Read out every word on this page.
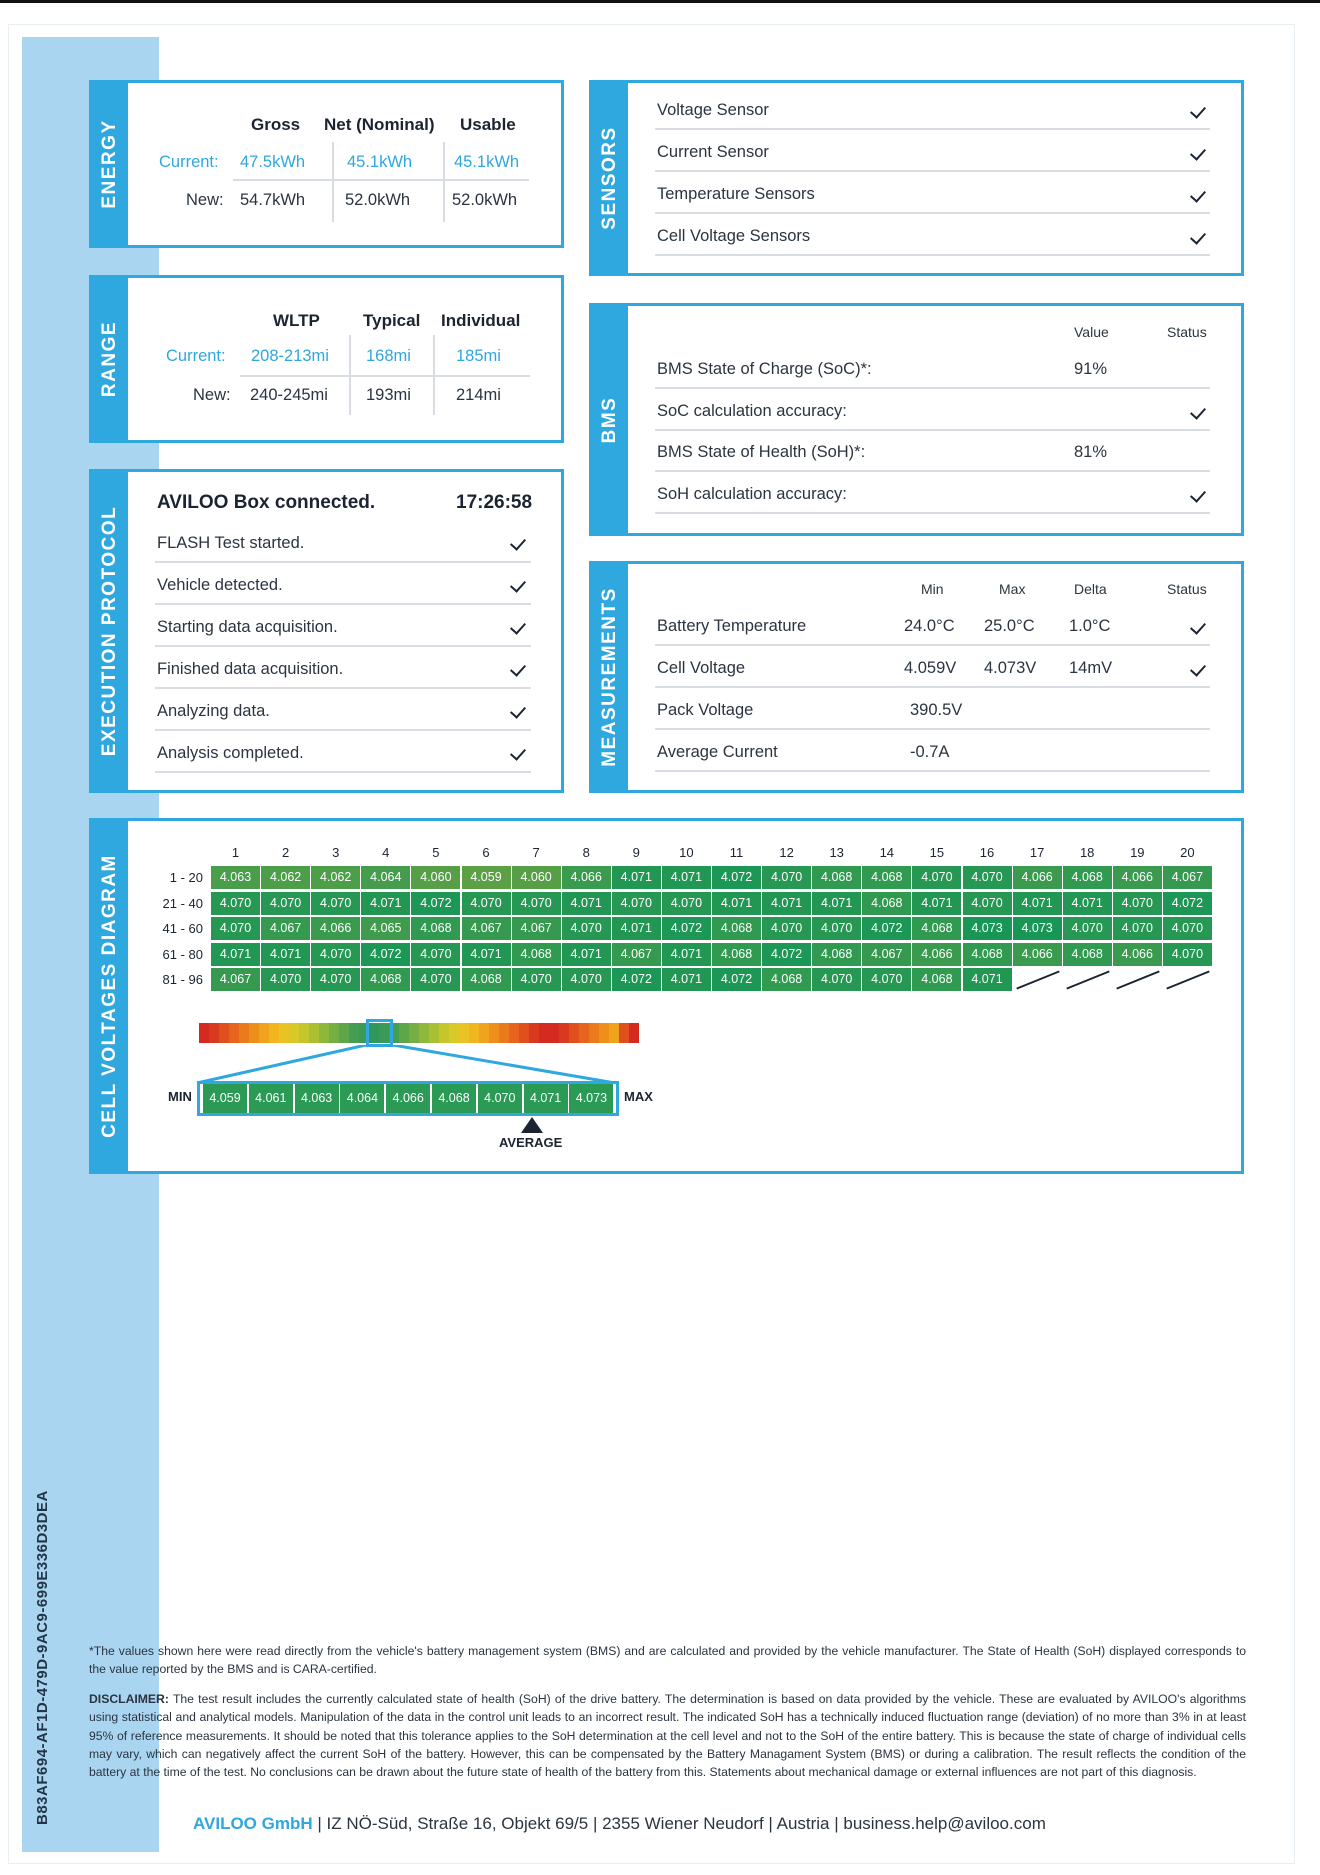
B83AF694-AF1D-479D-9AC9-699E336D3DEA
ENERGY	Gross Net (Nominal) Usable
Current: 47.5kWh	45.1kWh	45.1kWh
New: 54.7kWh 52.0kWh	52.0kWh
RANGE
WLTP	Typical Individual
Current: 208-213mi 168mi	185mi
New: 240-245mi 193mi	214mi
EXECUTION PROTOCOL
AVILOO Box connected.	17:26:58
FLASH Test started.
Vehicle detected.
Starting data acquisition.
Finished data acquisition.
Analyzing data.
Analysis completed.
SENSORS
Voltage Sensor
Current Sensor
Temperature Sensors
Cell Voltage Sensors
BMS
Value	Status
BMS State of Charge (SoC)*:	91%
SoC calculation accuracy:
BMS State of Health (SoH)*:	81%
SoH calculation accuracy:
MEASUREMENTS	Min	Max	Delta	Status
Battery Temperature	24.0°C 25.0°C 1.0°C
Cell Voltage	4.059V 4.073V 14mV
Pack Voltage	390.5V
Average Current	-0.7A
CELL VOLTAGES DIAGRAM
1	2	3	4	5	6	7	8	9	10	11	12	13	14	15	16	17	18	19	20
1 - 20	4.063	4.062	4.062	4.064	4.060	4.059	4.060	4.066	4.071	4.071	4.072	4.070	4.068	4.068	4.070	4.070	4.066	4.068	4.066	4.067
21 - 40	4.070	4.070	4.070	4.071	4.072	4.070	4.070	4.071	4.070	4.070	4.071	4.071	4.071	4.068	4.071	4.070	4.071	4.071	4.070	4.072
41 - 60	4.070	4.067	4.066	4.065	4.068	4.067	4.067	4.070	4.071	4.072	4.068	4.070	4.070	4.072	4.068	4.073	4.073	4.070	4.070	4.070
61 - 80	4.071	4.071	4.070	4.072	4.070	4.071	4.068	4.071	4.067	4.071	4.068	4.072	4.068	4.067	4.066	4.068	4.066	4.068	4.066	4.070
81 - 96	4.067	4.070	4.070	4.068	4.070	4.068	4.070	4.070	4.072	4.071	4.072	4.068	4.070	4.070	4.068	4.071
MIN	MAX
4.059	4.061	4.063	4.064	4.066	4.068	4.070	4.071	4.073
AVERAGE
*The values shown here were read directly from the vehicle's battery management system (BMS) and are calculated and provided by the vehicle manufacturer. The State of Health (SoH) displayed corresponds to the value reported by the BMS and is CARA-certified.
DISCLAIMER: The test result includes the currently calculated state of health (SoH) of the drive battery. The determination is based on data provided by the vehicle. These are evaluated by AVILOO's algorithms using statistical and analytical models. Manipulation of the data in the control unit leads to an incorrect result. The indicated SoH has a technically induced fluctuation range (deviation) of no more than 3% in at least 95% of reference measurements. It should be noted that this tolerance applies to the SoH determination at the cell level and not to the SoH of the entire battery. This is because the state of charge of individual cells may vary, which can negatively affect the current SoH of the battery. However, this can be compensated by the Battery Managament System (BMS) or during a calibration. The result reflects the condition of the battery at the time of the test. No conclusions can be drawn about the future state of health of the battery from this. Statements about mechanical damage or external influences are not part of this diagnosis.
AVILOO GmbH | IZ NÖ-Süd, Straße 16, Objekt 69/5 | 2355 Wiener Neudorf | Austria | business.help@aviloo.com
